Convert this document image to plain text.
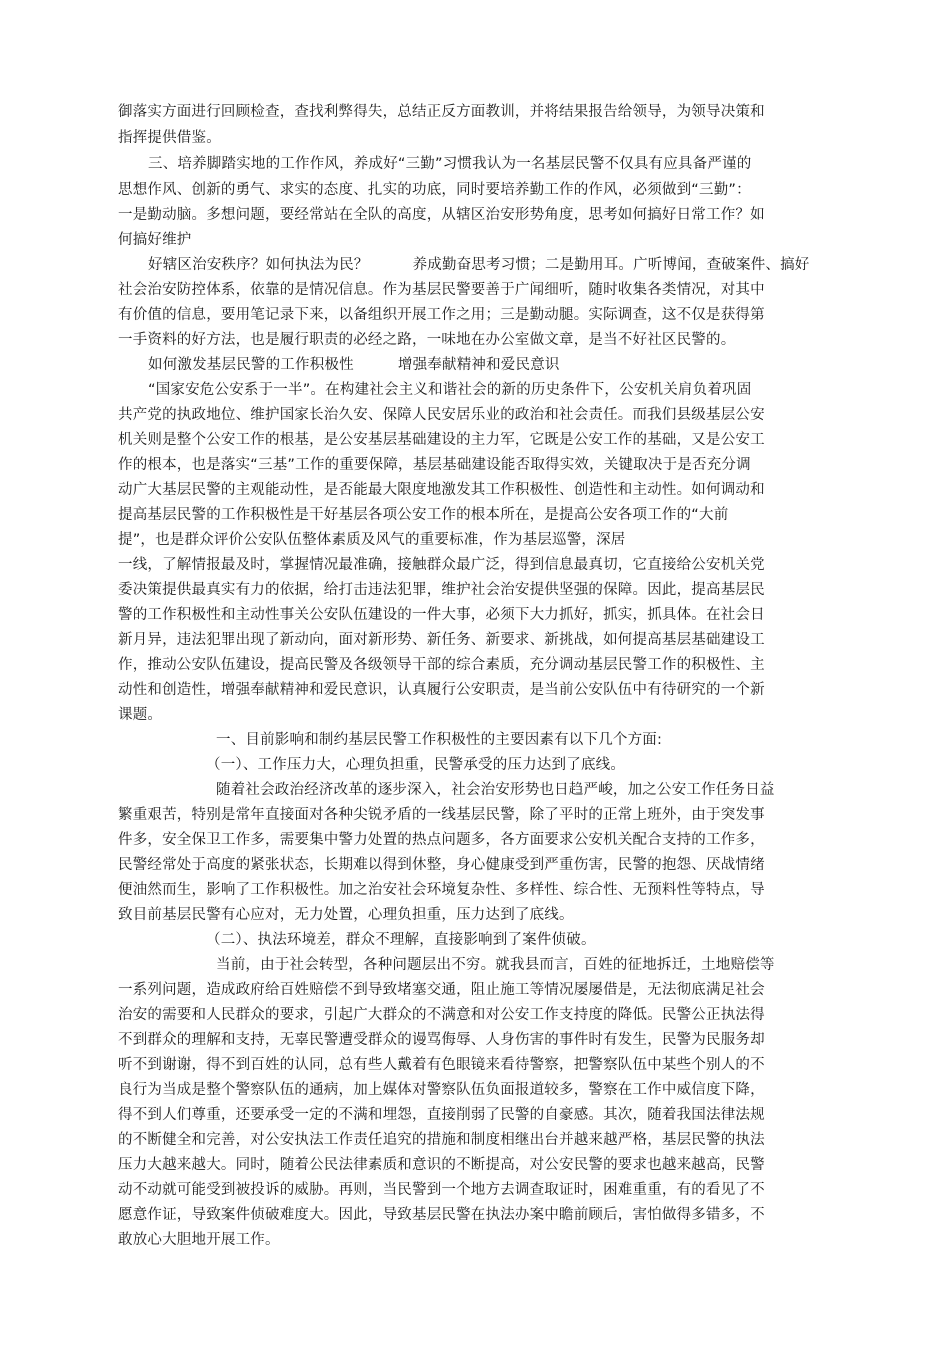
御落实方面进行回顾检查，查找利弊得失，总结正反方面教训，并将结果报告给领导，为领导决策和
指挥提供借鉴。
三、培养脚踏实地的工作作风，养成好“三勤”习惯我认为一名基层民警不仅具有应具备严谨的
思想作风、创新的勇气、求实的态度、扎实的功底，同时要培养勤工作的作风，必须做到“三勤”：
一是勤动脑。多想问题，要经常站在全队的高度，从辖区治安形势角度，思考如何搞好日常工作？如
何搞好维护
好辖区治安秩序？如何执法为民？　　　养成勤奋思考习惯；二是勤用耳。广听博闻，查破案件、搞好
社会治安防控体系，依靠的是情况信息。作为基层民警要善于广闻细听，随时收集各类情况，对其中
有价值的信息，要用笔记录下来，以备组织开展工作之用；三是勤动腿。实际调查，这不仅是获得第
一手资料的好方法，也是履行职责的必经之路，一味地在办公室做文章，是当不好社区民警的。
如何激发基层民警的工作积极性　　　增强奉献精神和爱民意识
“国家安危公安系于一半”。在构建社会主义和谐社会的新的历史条件下，公安机关肩负着巩固
共产党的执政地位、维护国家长治久安、保障人民安居乐业的政治和社会责任。而我们县级基层公安
机关则是整个公安工作的根基，是公安基层基础建设的主力军，它既是公安工作的基础，又是公安工
作的根本，也是落实“三基”工作的重要保障，基层基础建设能否取得实效，关键取决于是否充分调
动广大基层民警的主观能动性，是否能最大限度地激发其工作积极性、创造性和主动性。如何调动和
提高基层民警的工作积极性是干好基层各项公安工作的根本所在，是提高公安各项工作的“大前
提”，也是群众评价公安队伍整体素质及风气的重要标准，作为基层巡警，深居
一线，了解情报最及时，掌握情况最准确，接触群众最广泛，得到信息最真切，它直接给公安机关党
委决策提供最真实有力的依据，给打击违法犯罪，维护社会治安提供坚强的保障。因此，提高基层民
警的工作积极性和主动性事关公安队伍建设的一件大事，必须下大力抓好，抓实，抓具体。在社会日
新月异，违法犯罪出现了新动向，面对新形势、新任务、新要求、新挑战，如何提高基层基础建设工
作，推动公安队伍建设，提高民警及各级领导干部的综合素质，充分调动基层民警工作的积极性、主
动性和创造性，增强奉献精神和爱民意识，认真履行公安职责，是当前公安队伍中有待研究的一个新
课题。
一、目前影响和制约基层民警工作积极性的主要因素有以下几个方面:
（一）、工作压力大，心理负担重，民警承受的压力达到了底线。
随着社会政治经济改革的逐步深入，社会治安形势也日趋严峻，加之公安工作任务日益
繁重艰苦，特别是常年直接面对各种尖锐矛盾的一线基层民警，除了平时的正常上班外，由于突发事
件多，安全保卫工作多，需要集中警力处置的热点问题多，各方面要求公安机关配合支持的工作多，
民警经常处于高度的紧张状态，长期难以得到休整，身心健康受到严重伤害，民警的抱怨、厌战情绪
便油然而生，影响了工作积极性。加之治安社会环境复杂性、多样性、综合性、无预料性等特点，导
致目前基层民警有心应对，无力处置，心理负担重，压力达到了底线。
（二）、执法环境差，群众不理解，直接影响到了案件侦破。
当前，由于社会转型，各种问题层出不穷。就我县而言，百姓的征地拆迁，土地赔偿等
一系列问题，造成政府给百姓赔偿不到导致堵塞交通，阻止施工等情况屡屡借是，无法彻底满足社会
治安的需要和人民群众的要求，引起广大群众的不满意和对公安工作支持度的降低。民警公正执法得
不到群众的理解和支持，无辜民警遭受群众的谩骂侮辱、人身伤害的事件时有发生，民警为民服务却
听不到谢谢，得不到百姓的认同，总有些人戴着有色眼镜来看待警察，把警察队伍中某些个别人的不
良行为当成是整个警察队伍的通病，加上媒体对警察队伍负面报道较多，警察在工作中威信度下降，
得不到人们尊重，还要承受一定的不满和埋怨，直接削弱了民警的自豪感。其次，随着我国法律法规
的不断健全和完善，对公安执法工作责任追究的措施和制度相继出台并越来越严格，基层民警的执法
压力大越来越大。同时，随着公民法律素质和意识的不断提高，对公安民警的要求也越来越高，民警
动不动就可能受到被投诉的威胁。再则，当民警到一个地方去调查取证时，困难重重，有的看见了不
愿意作证，导致案件侦破难度大。因此，导致基层民警在执法办案中瞻前顾后，害怕做得多错多，不
敢放心大胆地开展工作。
